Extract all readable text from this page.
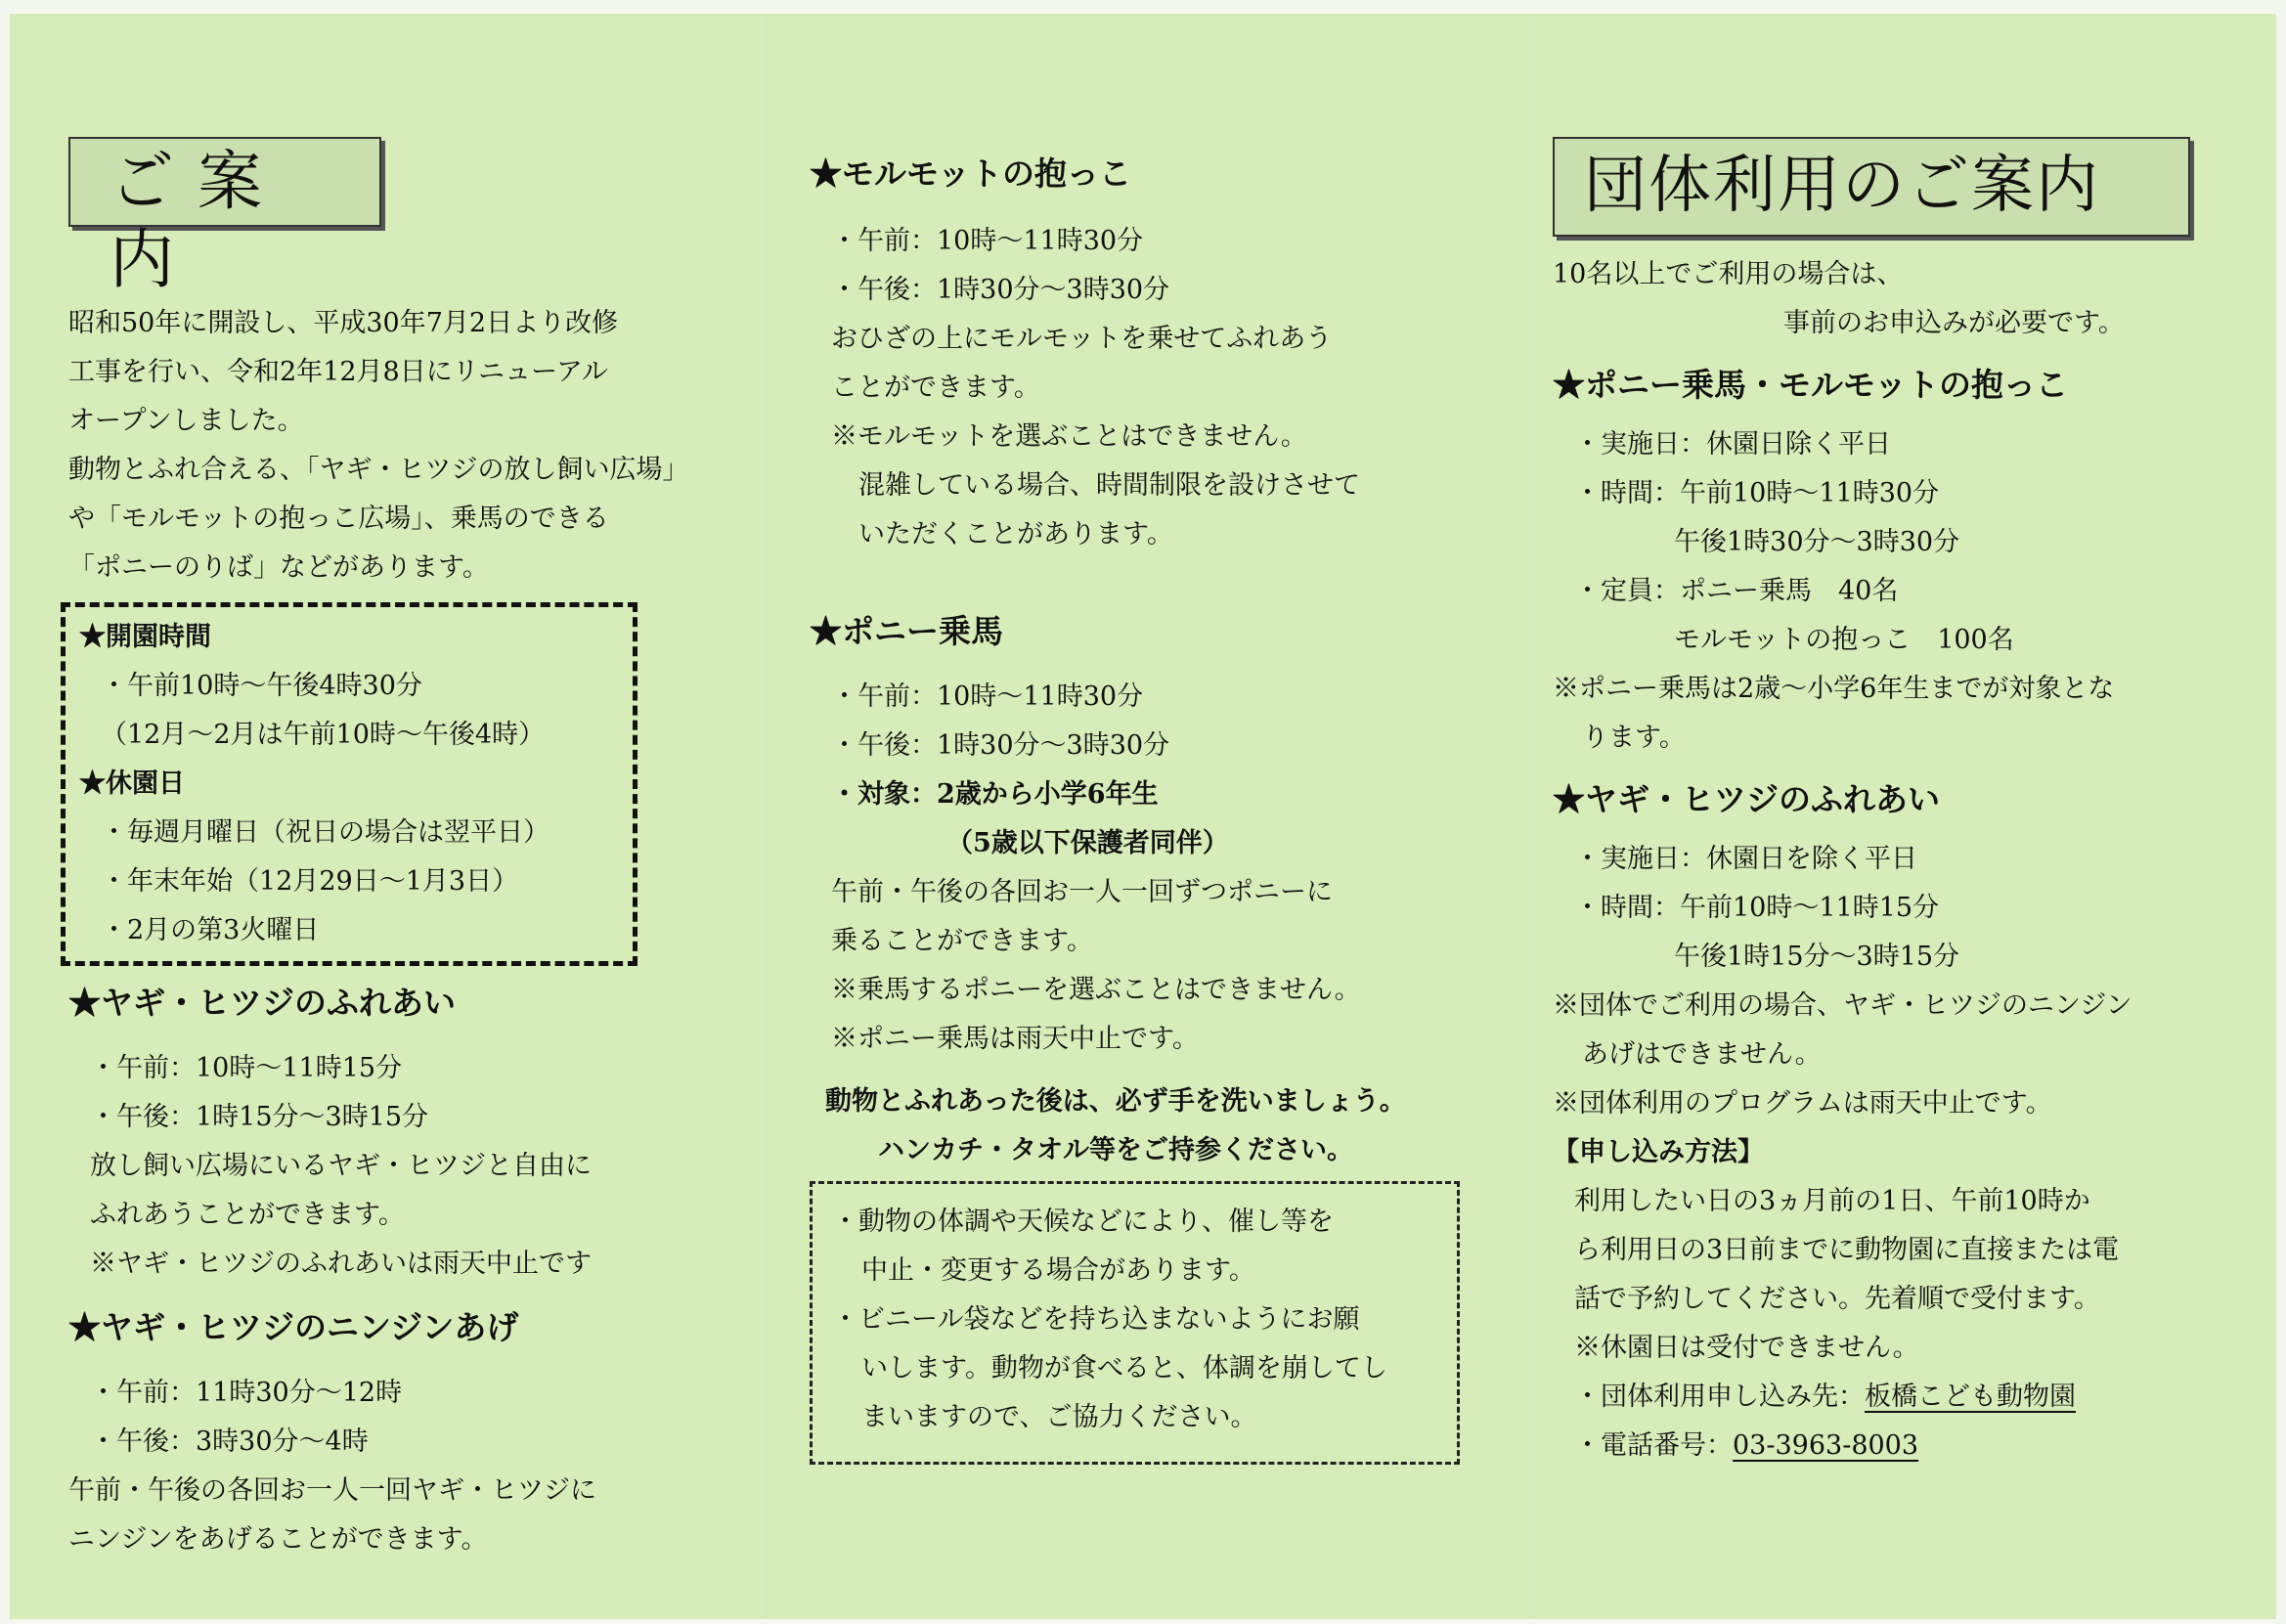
ご案内
昭和50年に開設し、平成30年7月2日より改修
工事を行い、令和2年12月8日にリニューアル
オープンしました。
動物とふれ合える、「ヤギ・ヒツジの放し飼い広場」
や「モルモットの抱っこ広場」、乗馬のできる
「ポニーのりば」などがあります。
★開園時間
・午前10時〜午後4時30分
（12月〜2月は午前10時〜午後4時）
★休園日
・毎週月曜日（祝日の場合は翌平日）
・年末年始（12月29日〜1月3日）
・2月の第3火曜日
★ヤギ・ヒツジのふれあい
・午前：10時〜11時15分
・午後：1時15分〜3時15分
放し飼い広場にいるヤギ・ヒツジと自由に
ふれあうことができます。
※ヤギ・ヒツジのふれあいは雨天中止です
★ヤギ・ヒツジのニンジンあげ
・午前：11時30分〜12時
・午後：3時30分〜4時
午前・午後の各回お一人一回ヤギ・ヒツジに
ニンジンをあげることができます。
★モルモットの抱っこ
・午前：10時〜11時30分
・午後：1時30分〜3時30分
おひざの上にモルモットを乗せてふれあう
ことができます。
※モルモットを選ぶことはできません。
混雑している場合、時間制限を設けさせて
いただくことがあります。
★ポニー乗馬
・午前：10時〜11時30分
・午後：1時30分〜3時30分
・対象：2歳から小学6年生
（5歳以下保護者同伴）
午前・午後の各回お一人一回ずつポニーに
乗ることができます。
※乗馬するポニーを選ぶことはできません。
※ポニー乗馬は雨天中止です。
動物とふれあった後は、必ず手を洗いましょう。
ハンカチ・タオル等をご持参ください。
・動物の体調や天候などにより、催し等を
中止・変更する場合があります。
・ビニール袋などを持ち込まないようにお願
いします。動物が食べると、体調を崩してし
まいますので、ご協力ください。
団体利用のご案内
10名以上でご利用の場合は、
事前のお申込みが必要です。
★ポニー乗馬・モルモットの抱っこ
・実施日：休園日除く平日
・時間：午前10時〜11時30分
午後1時30分〜3時30分
・定員：ポニー乗馬　40名
モルモットの抱っこ　100名
※ポニー乗馬は2歳〜小学6年生までが対象とな
ります。
★ヤギ・ヒツジのふれあい
・実施日：休園日を除く平日
・時間：午前10時〜11時15分
午後1時15分〜3時15分
※団体でご利用の場合、ヤギ・ヒツジのニンジン
あげはできません。
※団体利用のプログラムは雨天中止です。
【申し込み方法】
利用したい日の3ヵ月前の1日、午前10時か
ら利用日の3日前までに動物園に直接または電
話で予約してください。先着順で受付ます。
※休園日は受付できません。
・団体利用申し込み先：板橋こども動物園
・電話番号：03-3963-8003
